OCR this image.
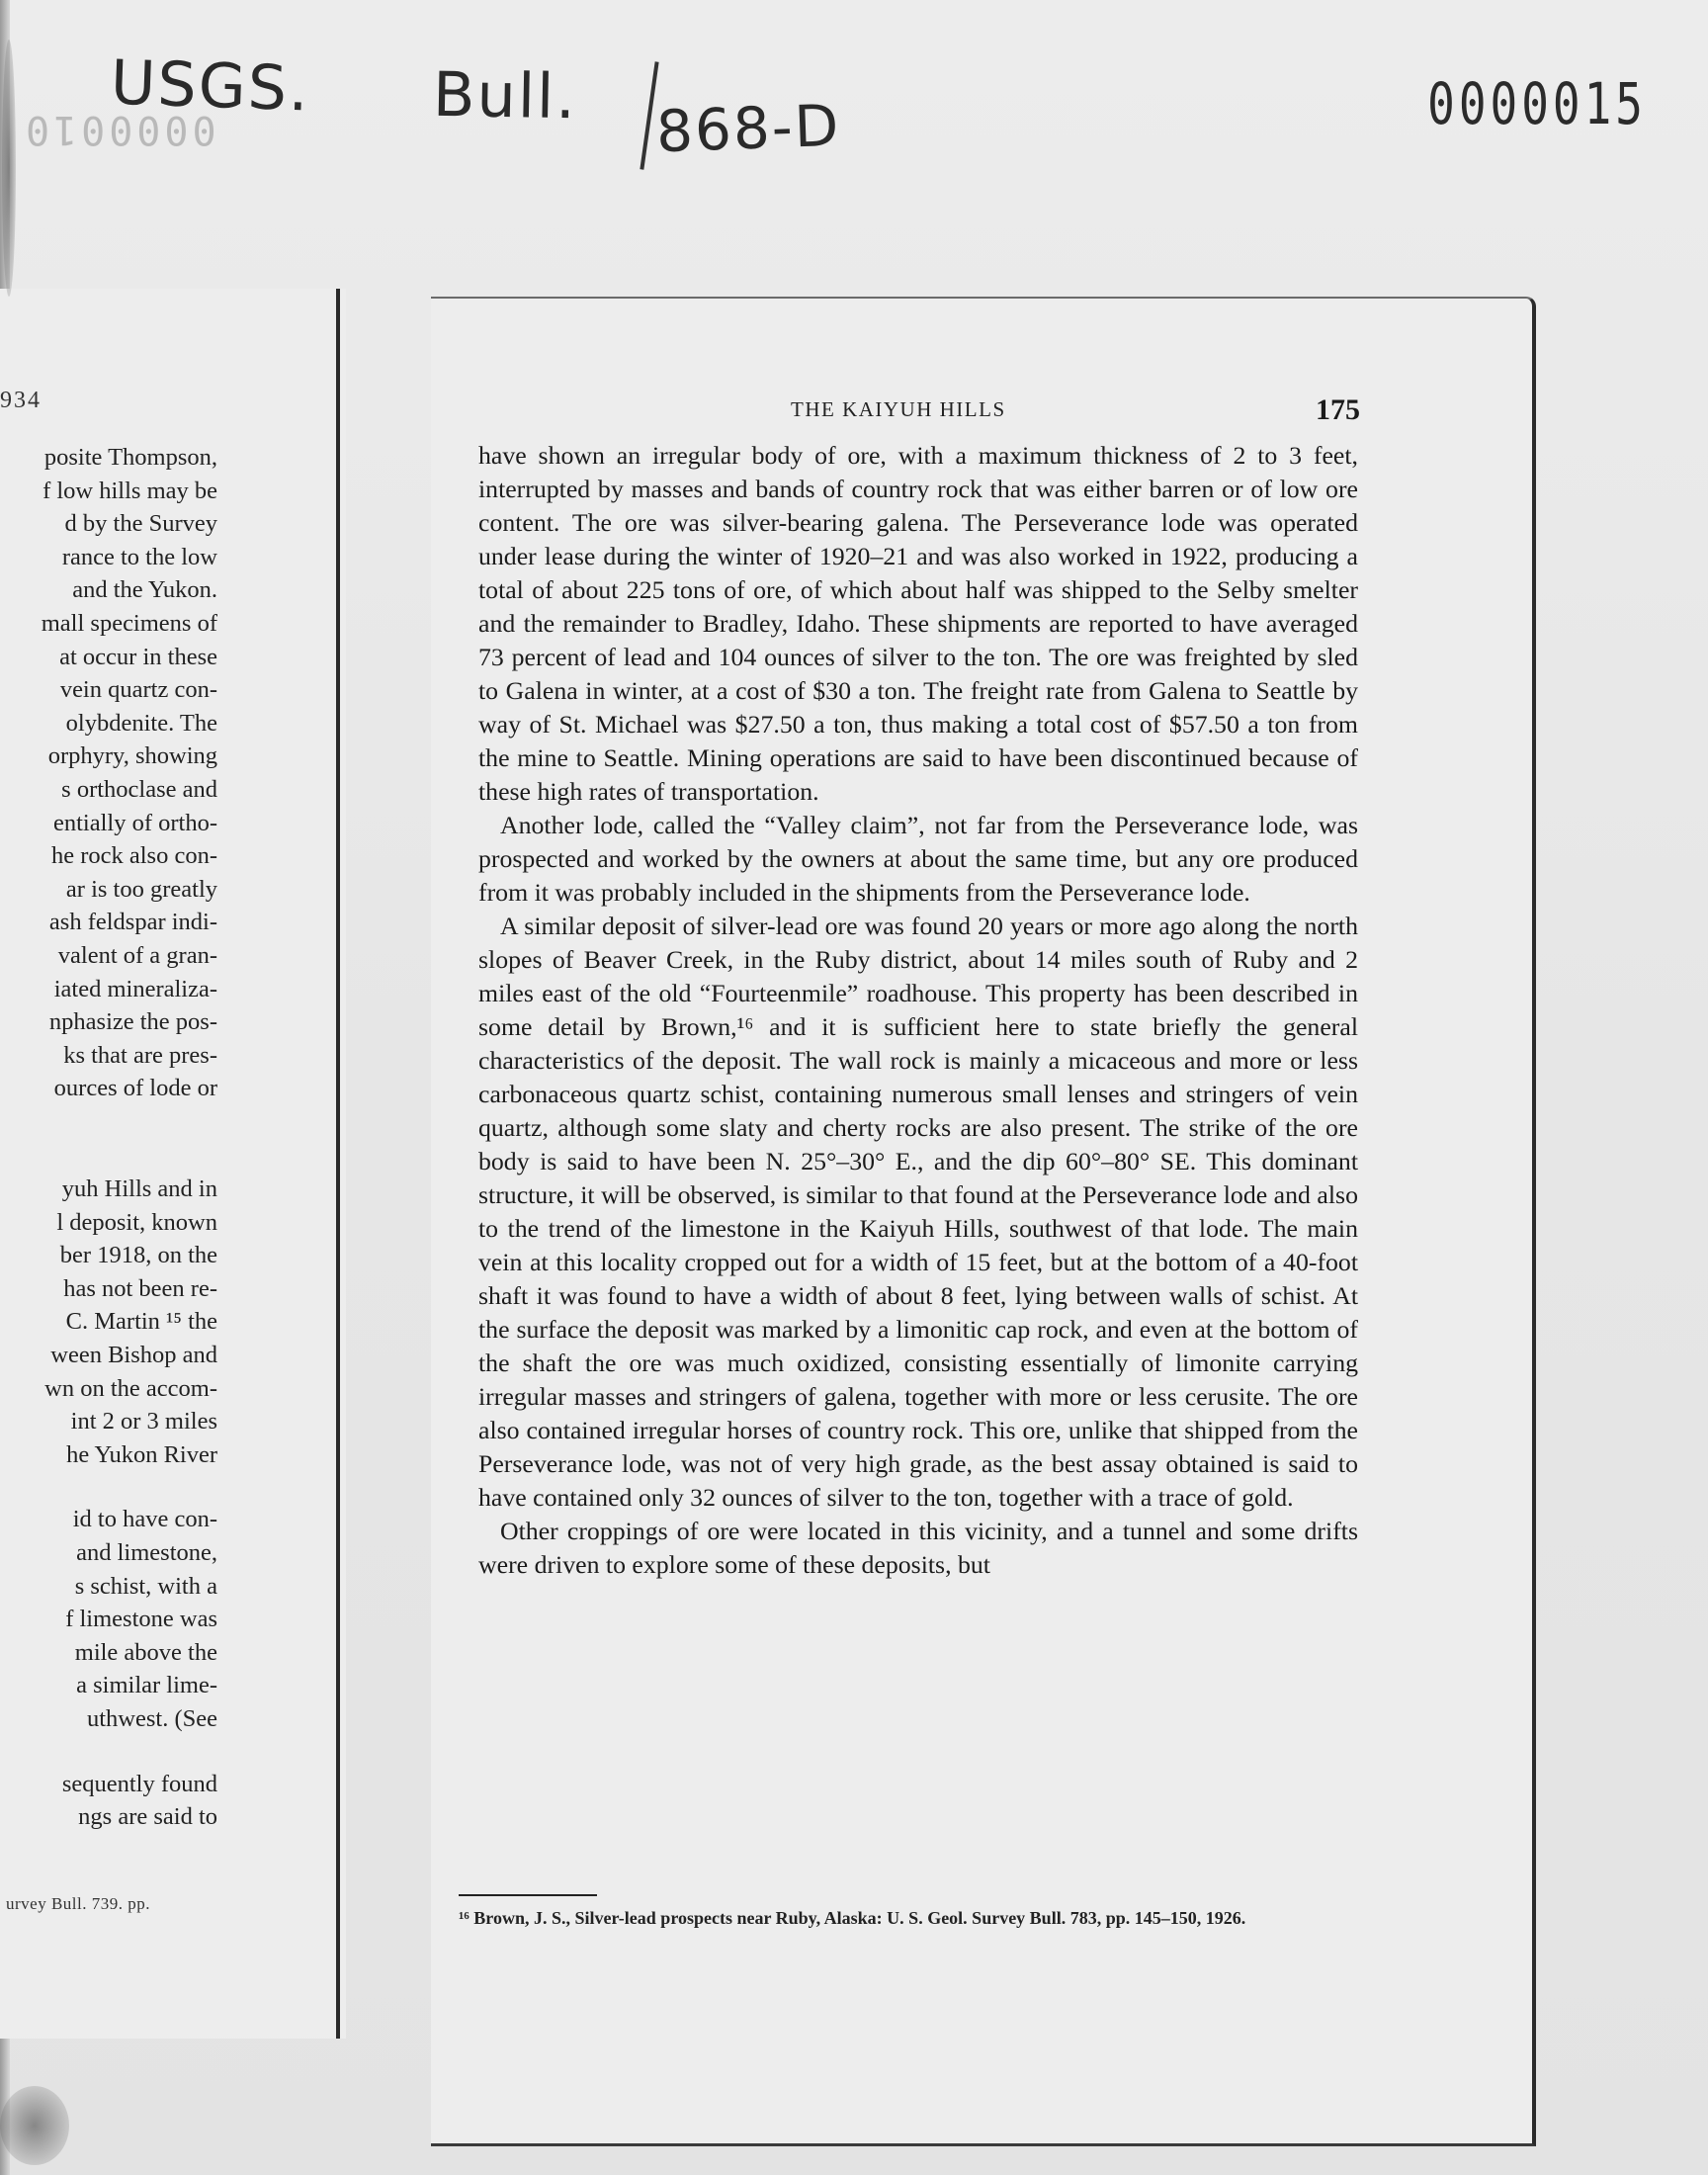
0000010
USGS. Bull. 868-D	0000015
934
posite Thompson,
f low hills may be
d by the Survey
rance to the low
and the Yukon.
mall specimens of
at occur in these
vein quartz con-
olybdenite. The
orphyry, showing
s orthoclase and
entially of ortho-
he rock also con-
ar is too greatly
ash feldspar indi-
valent of a gran-
iated mineraliza-
nphasize the pos-
ks that are pres-
ources of lode or
yuh Hills and in
l deposit, known
ber 1918, on the
has not been re-
C. Martin ¹⁵ the
ween Bishop and
wn on the accom-
int 2 or 3 miles
he Yukon River
id to have con-
and limestone,
s schist, with a
f limestone was
mile above the
a similar lime-
uthwest. (See
sequently found
ngs are said to
urvey Bull. 739. pp.
THE KAIYUH HILLS	175

have shown an irregular body of ore, with a maximum thickness of 2 to 3 feet, interrupted by masses and bands of country rock that was either barren or of low ore content. The ore was silver-bearing galena. The Perseverance lode was operated under lease during the winter of 1920–21 and was also worked in 1922, producing a total of about 225 tons of ore, of which about half was shipped to the Selby smelter and the remainder to Bradley, Idaho. These shipments are reported to have averaged 73 percent of lead and 104 ounces of silver to the ton. The ore was freighted by sled to Galena in winter, at a cost of $30 a ton. The freight rate from Galena to Seattle by way of St. Michael was $27.50 a ton, thus making a total cost of $57.50 a ton from the mine to Seattle. Mining operations are said to have been discontinued because of these high rates of transportation.

Another lode, called the “Valley claim”, not far from the Perseverance lode, was prospected and worked by the owners at about the same time, but any ore produced from it was probably included in the shipments from the Perseverance lode.

A similar deposit of silver-lead ore was found 20 years or more ago along the north slopes of Beaver Creek, in the Ruby district, about 14 miles south of Ruby and 2 miles east of the old “Fourteenmile” roadhouse. This property has been described in some detail by Brown,¹⁶ and it is sufficient here to state briefly the general characteristics of the deposit. The wall rock is mainly a micaceous and more or less carbonaceous quartz schist, containing numerous small lenses and stringers of vein quartz, although some slaty and cherty rocks are also present. The strike of the ore body is said to have been N. 25°–30° E., and the dip 60°–80° SE. This dominant structure, it will be observed, is similar to that found at the Perseverance lode and also to the trend of the limestone in the Kaiyuh Hills, southwest of that lode. The main vein at this locality cropped out for a width of 15 feet, but at the bottom of a 40-foot shaft it was found to have a width of about 8 feet, lying between walls of schist. At the surface the deposit was marked by a limonitic cap rock, and even at the bottom of the shaft the ore was much oxidized, consisting essentially of limonite carrying irregular masses and stringers of galena, together with more or less cerusite. The ore also contained irregular horses of country rock. This ore, unlike that shipped from the Perseverance lode, was not of very high grade, as the best assay obtained is said to have contained only 32 ounces of silver to the ton, together with a trace of gold.

Other croppings of ore were located in this vicinity, and a tunnel and some drifts were driven to explore some of these deposits, but

¹⁶ Brown, J. S., Silver-lead prospects near Ruby, Alaska: U. S. Geol. Survey Bull. 783, pp. 145–150, 1926.
